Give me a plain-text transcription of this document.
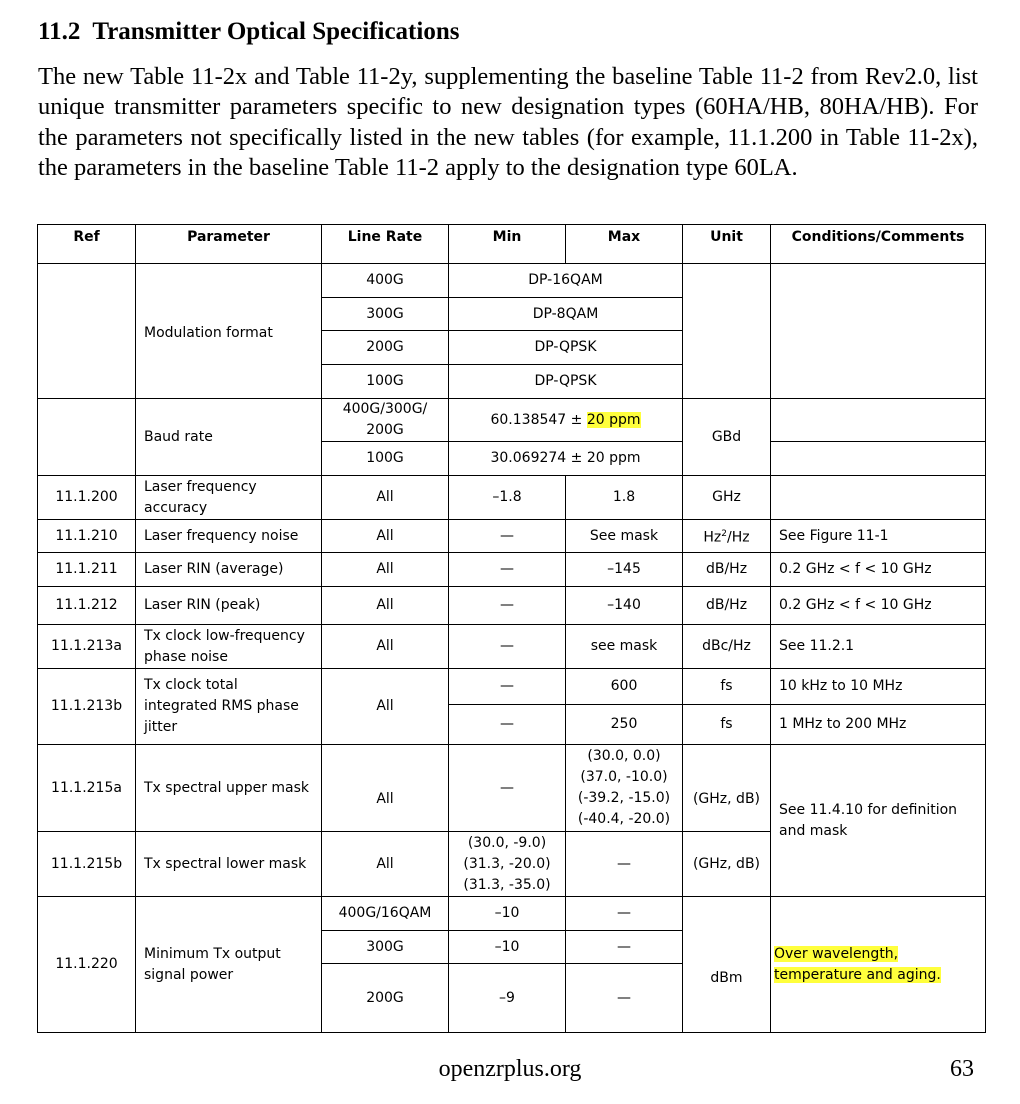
11.2 Transmitter Optical Specifications
The new Table 11-2x and Table 11-2y, supplementing the baseline Table 11-2 from Rev2.0, list unique transmitter parameters specific to new designation types (60HA/HB, 80HA/HB). For the parameters not specifically listed in the new tables (for example, 11.1.200 in Table 11-2x), the parameters in the baseline Table 11-2 apply to the designation type 60LA.
Ref	Parameter	Line Rate	Min	Max	Unit	Conditions/Comments
	Modulation format	400G	DP-16QAM			
		300G	DP-8QAM			
		200G	DP-QPSK			
		100G	DP-QPSK			
	Baud rate	400G/300G/ 200G	60.138547 ± 20 ppm		GBd	
		100G	30.069274 ± 20 ppm			
11.1.200	Laser frequency accuracy	All	–1.8	1.8	GHz	
11.1.210	Laser frequency noise	All	—	See mask	Hz$^2$/Hz	See Figure 11-1
11.1.211	Laser RIN (average)	All	—	–145	dB/Hz	0.2 GHz < f < 10 GHz
11.1.212	Laser RIN (peak)	All	—	–140	dB/Hz	0.2 GHz < f < 10 GHz
11.1.213a	Tx clock low-frequency phase noise	All	—	see mask	dBc/Hz	See 11.2.1
11.1.213b	Tx clock total integrated RMS phase jitter	All	—	600	fs	10 kHz to 10 MHz
			—	250	fs	1 MHz to 200 MHz
11.1.215a	Tx spectral upper mask	All	—	(30.0, 0.0)
(37.0, -10.0)
(-39.2, -15.0)
(-40.4, -20.0)	(GHz, dB)	See 11.4.10 for definition and mask
11.1.215b	Tx spectral lower mask	All	(30.0, -9.0)
(31.3, -20.0)
(31.3, -35.0)	—	(GHz, dB)	
11.1.220	Minimum Tx output signal power	400G/16QAM	–10	—	dBm	Over wavelength,
temperature and aging.
		300G	–10	—		
		200G	–9	—		
openzrplus.org	63
